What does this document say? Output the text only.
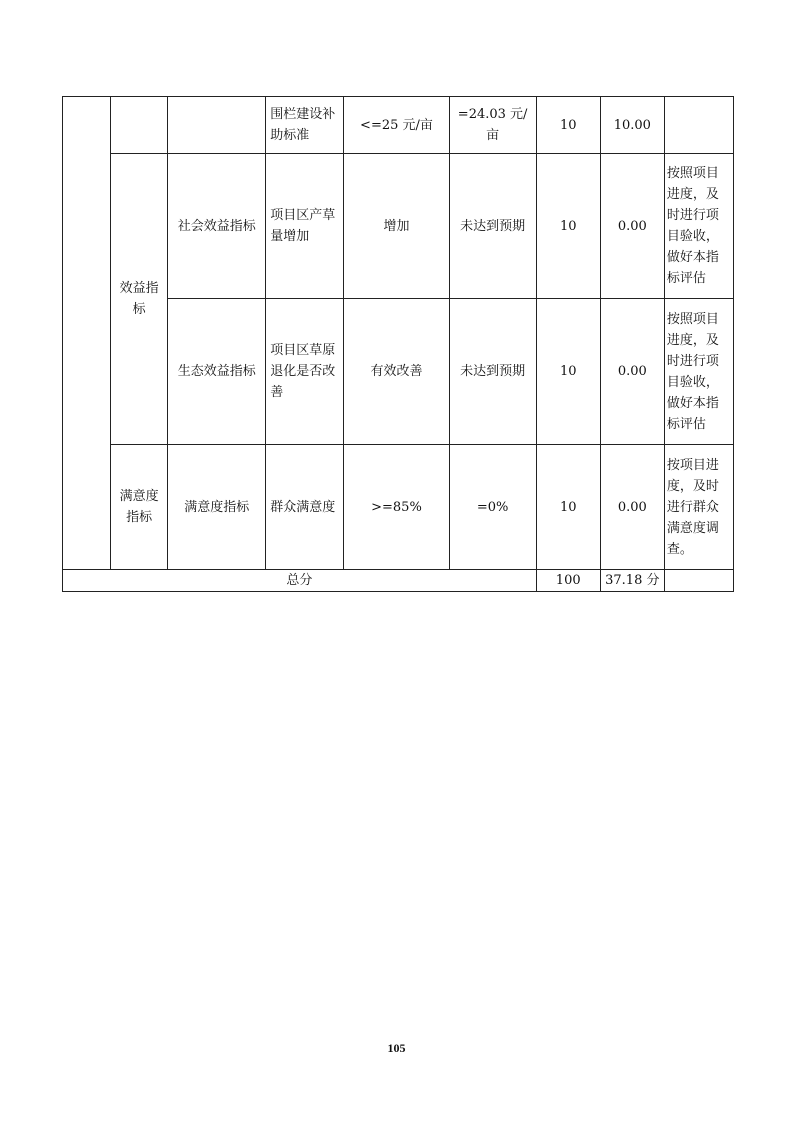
			围栏建设补助标准	<=25 元/亩	=24.03 元/亩	10	10.00	
	效益指标	社会效益指标	项目区产草量增加	增加	未达到预期	10	0.00	按照项目进度，及时进行项目验收，做好本指标评估
		生态效益指标	项目区草原退化是否改善	有效改善	未达到预期	10	0.00	按照项目进度，及时进行项目验收，做好本指标评估
	满意度指标	满意度指标	群众满意度	>=85%	=0%	10	0.00	按项目进度，及时进行群众满意度调查。
总分						100	37.18 分	
105
